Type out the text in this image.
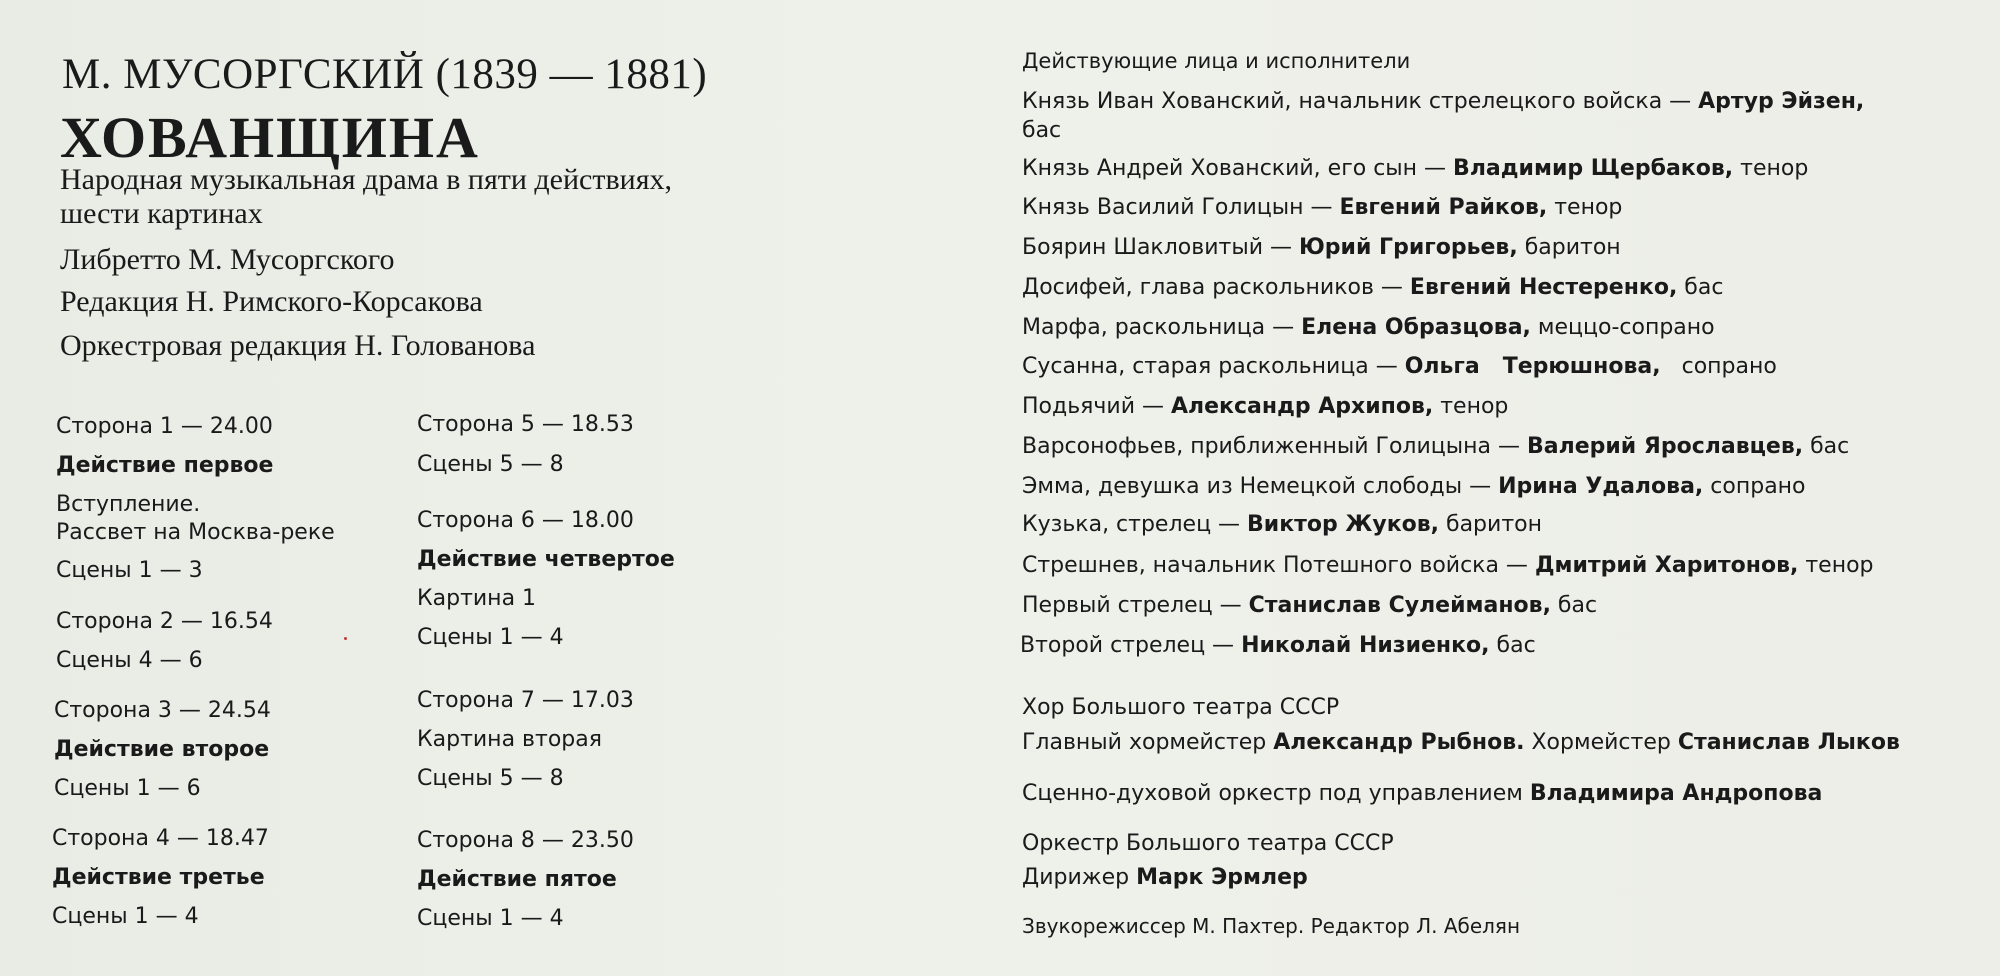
М. МУСОРГСКИЙ (1839 — 1881)
ХОВАНЩИНА
Народная музыкальная драма в пяти действиях,
шести картинах
Либретто М. Мусоргского
Редакция Н. Римского-Корсакова
Оркестровая редакция Н. Голованова
Сторона 1 — 24.00
Действие первое
Вступление.
Рассвет на Москва-реке
Сцены 1 — 3
Сторона 2 — 16.54
Сцены 4 — 6
Сторона 3 — 24.54
Действие второе
Сцены 1 — 6
Сторона 4 — 18.47
Действие третье
Сцены 1 — 4
Сторона 5 — 18.53
Сцены 5 — 8
Сторона 6 — 18.00
Действие четвертое
Картина 1
Сцены 1 — 4
Сторона 7 — 17.03
Картина вторая
Сцены 5 — 8
Сторона 8 — 23.50
Действие пятое
Сцены 1 — 4
Действующие лица и исполнители
Князь Иван Хованский, начальник стрелецкого войска — Артур Эйзен,
бас
Князь Андрей Хованский, его сын — Владимир Щербаков, тенор
Князь Василий Голицын — Евгений Райков, тенор
Боярин Шакловитый — Юрий Григорьев, баритон
Досифей, глава раскольников — Евгений Нестеренко, бас
Марфа, раскольница — Елена Образцова, меццо-сопрано
Сусанна, старая раскольница — Ольга   Терюшнова,   сопрано
Подьячий — Александр Архипов, тенор
Варсонофьев, приближенный Голицына — Валерий Ярославцев, бас
Эмма, девушка из Немецкой слободы — Ирина Удалова, сопрано
Кузька, стрелец — Виктор Жуков, баритон
Стрешнев, начальник Потешного войска — Дмитрий Харитонов, тенор
Первый стрелец — Станислав Сулейманов, бас
Второй стрелец — Николай Низиенко, бас
Хор Большого театра СССР
Главный хормейстер Александр Рыбнов. Хормейстер Станислав Лыков
Сценно-духовой оркестр под управлением Владимира Андропова
Оркестр Большого театра СССР
Дирижер Марк Эрмлер
Звукорежиссер М. Пахтер. Редактор Л. Абелян
